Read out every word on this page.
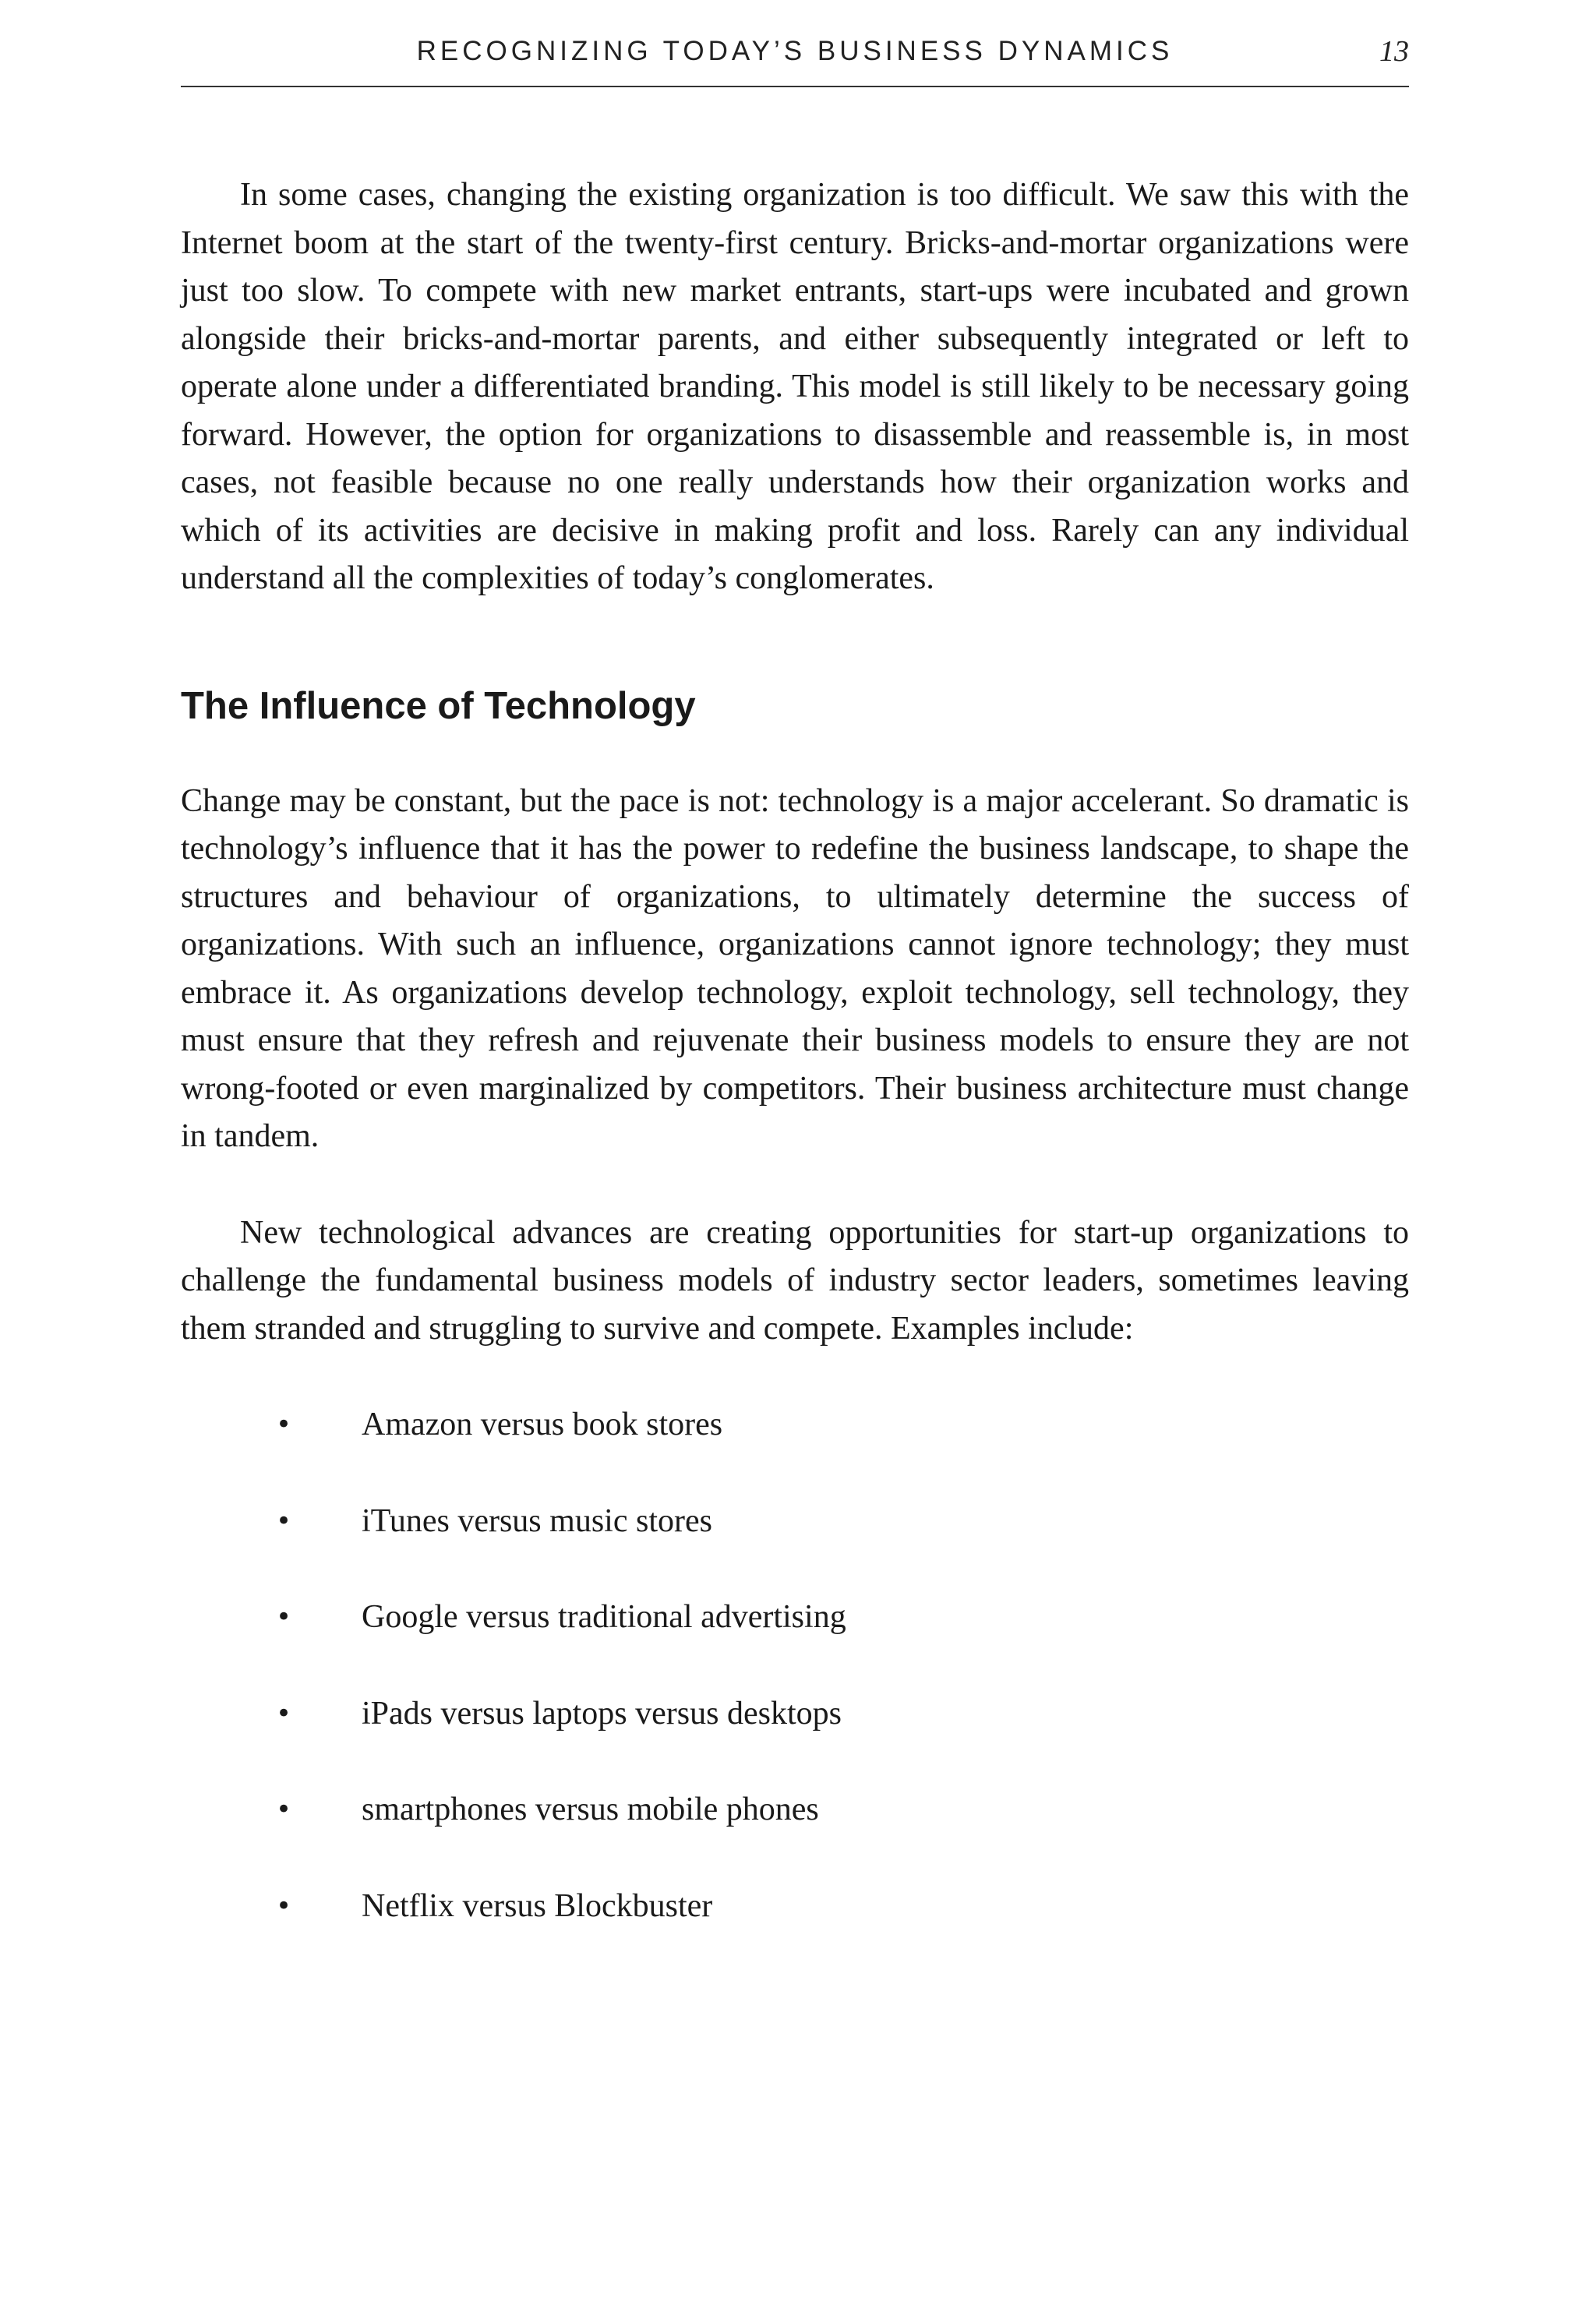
RECOGNIZING TODAY’S BUSINESS DYNAMICS	13

In some cases, changing the existing organization is too difficult. We saw this with the Internet boom at the start of the twenty-first century. Bricks-and-mortar organizations were just too slow. To compete with new market entrants, start-ups were incubated and grown alongside their bricks-and-mortar parents, and either subsequently integrated or left to operate alone under a differentiated branding. This model is still likely to be necessary going forward. However, the option for organizations to disassemble and reassemble is, in most cases, not feasible because no one really understands how their organization works and which of its activities are decisive in making profit and loss. Rarely can any individual understand all the complexities of today’s conglomerates.

The Influence of Technology

Change may be constant, but the pace is not: technology is a major accelerant. So dramatic is technology’s influence that it has the power to redefine the business landscape, to shape the structures and behaviour of organizations, to ultimately determine the success of organizations. With such an influence, organizations cannot ignore technology; they must embrace it. As organizations develop technology, exploit technology, sell technology, they must ensure that they refresh and rejuvenate their business models to ensure they are not wrong-footed or even marginalized by competitors. Their business architecture must change in tandem.

New technological advances are creating opportunities for start-up organizations to challenge the fundamental business models of industry sector leaders, sometimes leaving them stranded and struggling to survive and compete. Examples include:

• Amazon versus book stores
• iTunes versus music stores
• Google versus traditional advertising
• iPads versus laptops versus desktops
• smartphones versus mobile phones
• Netflix versus Blockbuster
